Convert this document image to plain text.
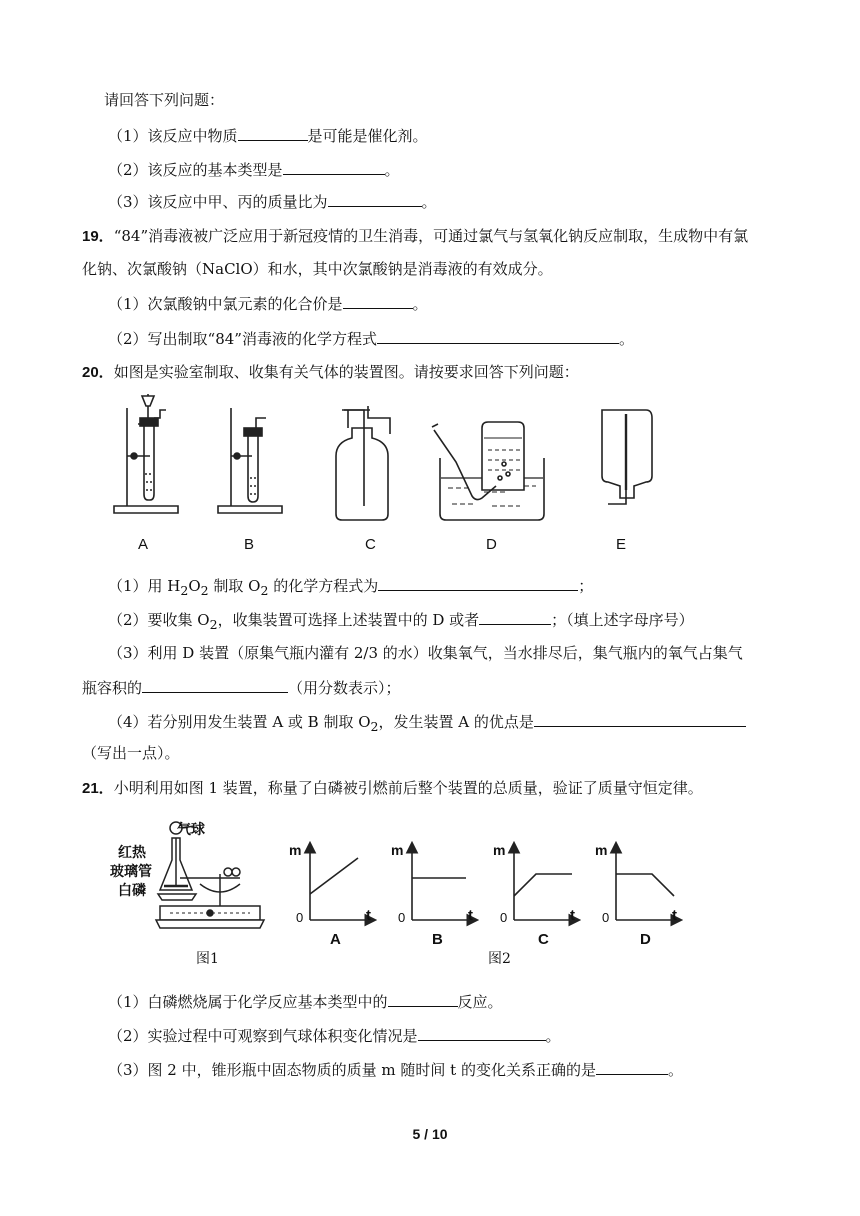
请回答下列问题：
（1）该反应中物质	是可能是催化剂。
（2）该反应的基本类型是	。
（3）该反应中甲、丙的质量比为	。
19．“84”消毒液被广泛应用于新冠疫情的卫生消毒，可通过氯气与氢氧化钠反应制取，生成物中有氯
化钠、次氯酸钠（NaClO）和水，其中次氯酸钠是消毒液的有效成分。
（1）次氯酸钠中氯元素的化合价是	。
（2）写出制取“84”消毒液的化学方程式	。
20．如图是实验室制取、收集有关气体的装置图。请按要求回答下列问题：
A	B	C	D	E
（1）用 $H_2O_2$ 制取 $O_2$ 的化学方程式为	；
（2）要收集 $O_2$，收集装置可选择上述装置中的 D 或者	；（填上述字母序号）
（3）利用 D 装置（原集气瓶内灌有 2/3 的水）收集氧气，当水排尽后，集气瓶内的氧气占集气
瓶容积的	（用分数表示）；
（4）若分别用发生装置 A 或 B 制取 $O_2$，发生装置 A 的优点是
（写出一点）。
21．小明利用如图 1 装置，称量了白磷被引燃前后整个装置的总质量，验证了质量守恒定律。
气球
红热
玻璃管
白磷
图1
m
0	t
A
m
0	t
B
m
0	t
C
m
0	t
D
图2
（1）白磷燃烧属于化学反应基本类型中的	反应。
（2）实验过程中可观察到气球体积变化情况是	。
（3）图 2 中，锥形瓶中固态物质的质量 m 随时间 t 的变化关系正确的是	。
5 / 10
